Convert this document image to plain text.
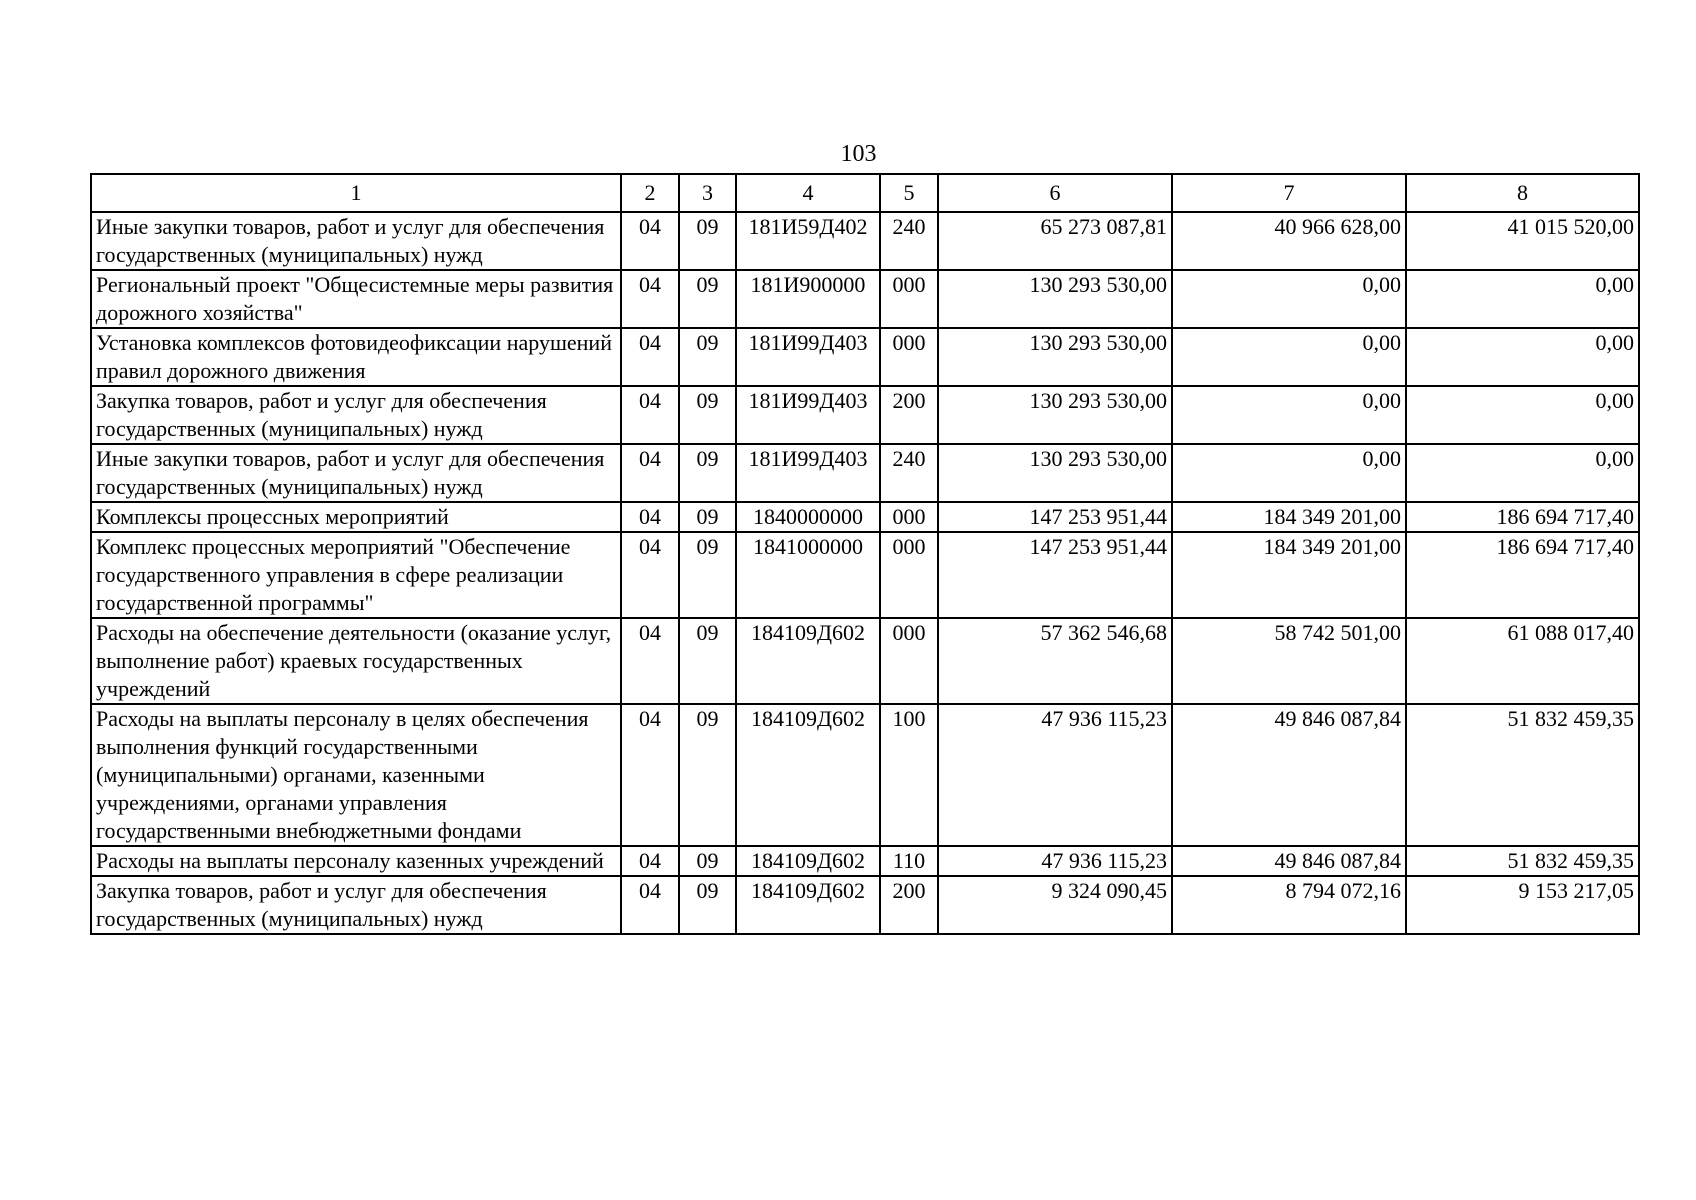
103
1	2	3	4	5	6	7	8
Иные закупки товаров, работ и услуг для обеспечения государственных (муниципальных) нужд	04	09	181И59Д402	240	65 273 087,81	40 966 628,00	41 015 520,00
Региональный проект "Общесистемные меры развития дорожного хозяйства"	04	09	181И900000	000	130 293 530,00	0,00	0,00
Установка комплексов фотовидеофиксации нарушений правил дорожного движения	04	09	181И99Д403	000	130 293 530,00	0,00	0,00
Закупка товаров, работ и услуг для обеспечения государственных (муниципальных) нужд	04	09	181И99Д403	200	130 293 530,00	0,00	0,00
Иные закупки товаров, работ и услуг для обеспечения государственных (муниципальных) нужд	04	09	181И99Д403	240	130 293 530,00	0,00	0,00
Комплексы процессных мероприятий	04	09	1840000000	000	147 253 951,44	184 349 201,00	186 694 717,40
Комплекс процессных мероприятий "Обеспечение государственного управления в сфере реализации государственной программы"	04	09	1841000000	000	147 253 951,44	184 349 201,00	186 694 717,40
Расходы на обеспечение деятельности (оказание услуг, выполнение работ) краевых государственных учреждений	04	09	184109Д602	000	57 362 546,68	58 742 501,00	61 088 017,40
Расходы на выплаты персоналу в целях обеспечения выполнения функций государственными (муниципальными) органами, казенными учреждениями, органами управления государственными внебюджетными фондами	04	09	184109Д602	100	47 936 115,23	49 846 087,84	51 832 459,35
Расходы на выплаты персоналу казенных учреждений	04	09	184109Д602	110	47 936 115,23	49 846 087,84	51 832 459,35
Закупка товаров, работ и услуг для обеспечения государственных (муниципальных) нужд	04	09	184109Д602	200	9 324 090,45	8 794 072,16	9 153 217,05
